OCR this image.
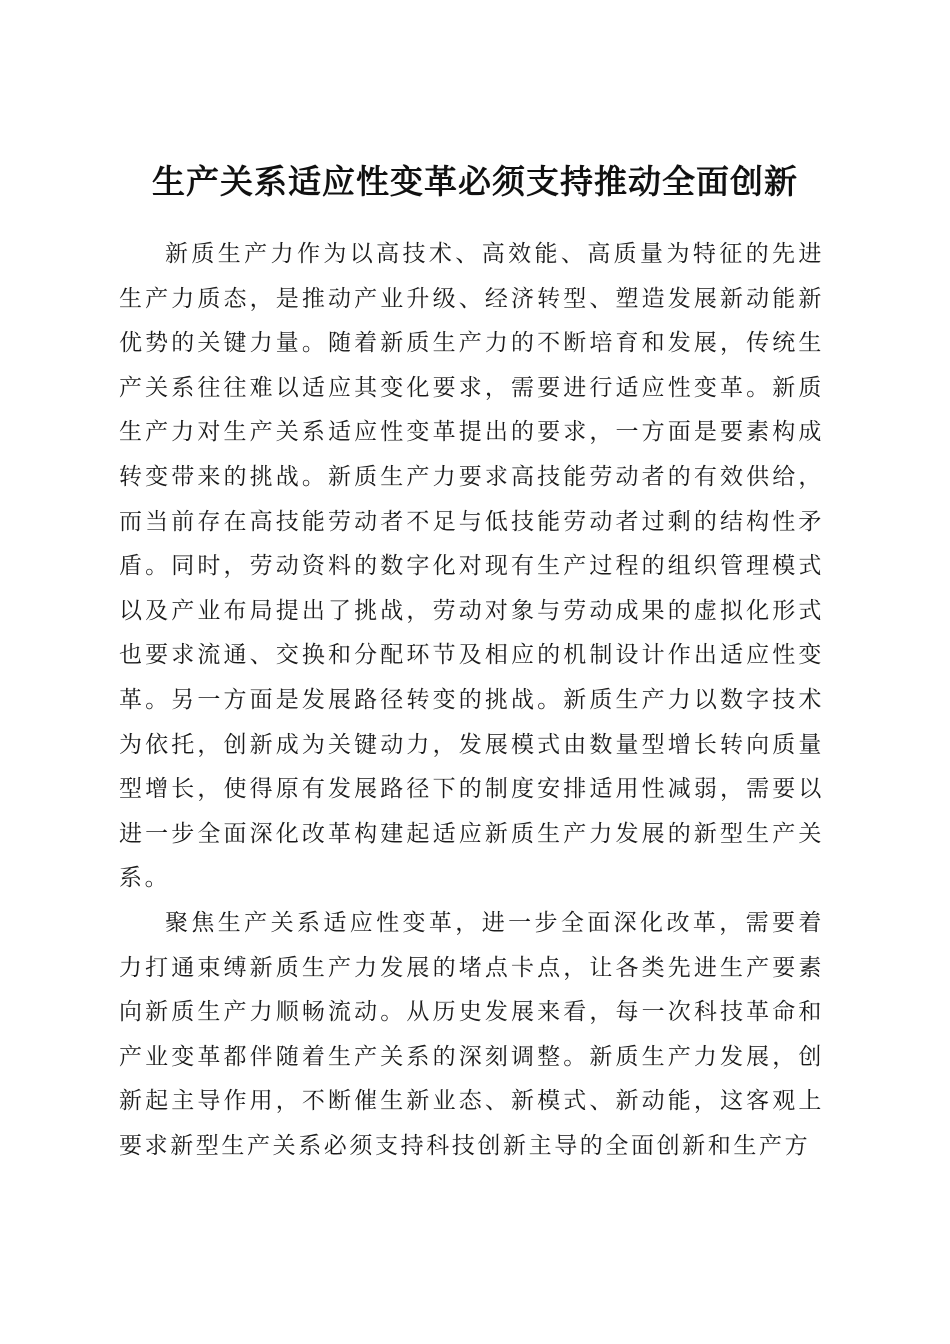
生产关系适应性变革必须支持推动全面创新

新质生产力作为以高技术、高效能、高质量为特征的先进生产力质态，是推动产业升级、经济转型、塑造发展新动能新优势的关键力量。随着新质生产力的不断培育和发展，传统生产关系往往难以适应其变化要求，需要进行适应性变革。新质生产力对生产关系适应性变革提出的要求，一方面是要素构成转变带来的挑战。新质生产力要求高技能劳动者的有效供给，而当前存在高技能劳动者不足与低技能劳动者过剩的结构性矛盾。同时，劳动资料的数字化对现有生产过程的组织管理模式以及产业布局提出了挑战，劳动对象与劳动成果的虚拟化形式也要求流通、交换和分配环节及相应的机制设计作出适应性变革。另一方面是发展路径转变的挑战。新质生产力以数字技术为依托，创新成为关键动力，发展模式由数量型增长转向质量型增长，使得原有发展路径下的制度安排适用性减弱，需要以进一步全面深化改革构建起适应新质生产力发展的新型生产关系。

聚焦生产关系适应性变革，进一步全面深化改革，需要着力打通束缚新质生产力发展的堵点卡点，让各类先进生产要素向新质生产力顺畅流动。从历史发展来看，每一次科技革命和产业变革都伴随着生产关系的深刻调整。新质生产力发展，创新起主导作用，不断催生新业态、新模式、新动能，这客观上要求新型生产关系必须支持科技创新主导的全面创新和生产方
